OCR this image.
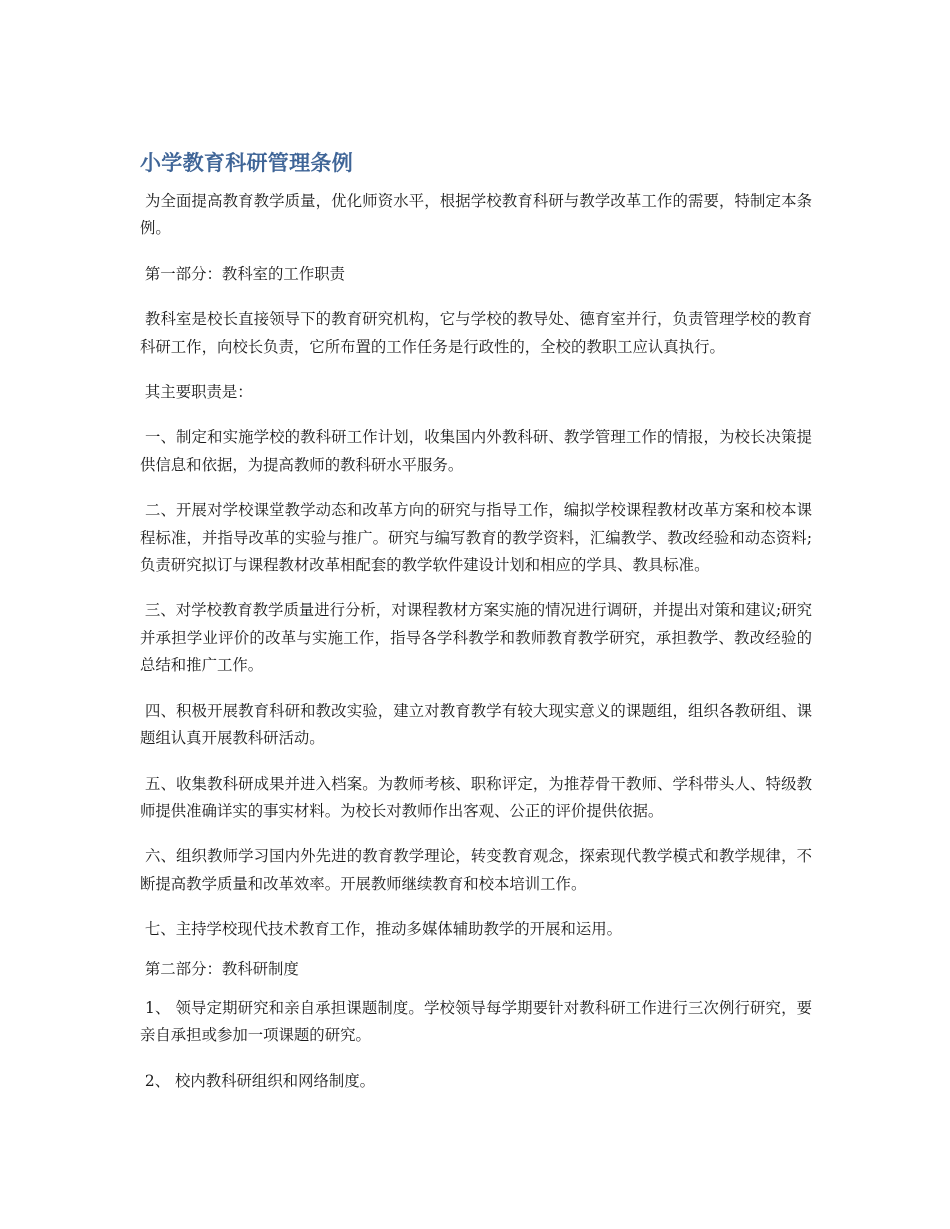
小学教育科研管理条例

为全面提高教育教学质量，优化师资水平，根据学校教育科研与教学改革工作的需要，特制定本条例。

第一部分：教科室的工作职责

教科室是校长直接领导下的教育研究机构，它与学校的教导处、德育室并行，负责管理学校的教育科研工作，向校长负责，它所布置的工作任务是行政性的，全校的教职工应认真执行。

其主要职责是：

一、制定和实施学校的教科研工作计划，收集国内外教科研、教学管理工作的情报，为校长决策提供信息和依据，为提高教师的教科研水平服务。

二、开展对学校课堂教学动态和改革方向的研究与指导工作，编拟学校课程教材改革方案和校本课程标准，并指导改革的实验与推广。研究与编写教育的教学资料，汇编教学、教改经验和动态资料;负责研究拟订与课程教材改革相配套的教学软件建设计划和相应的学具、教具标准。

三、对学校教育教学质量进行分析，对课程教材方案实施的情况进行调研，并提出对策和建议;研究并承担学业评价的改革与实施工作，指导各学科教学和教师教育教学研究，承担教学、教改经验的总结和推广工作。

四、积极开展教育科研和教改实验，建立对教育教学有较大现实意义的课题组，组织各教研组、课题组认真开展教科研活动。

五、收集教科研成果并进入档案。为教师考核、职称评定，为推荐骨干教师、学科带头人、特级教师提供准确详实的事实材料。为校长对教师作出客观、公正的评价提供依据。

六、组织教师学习国内外先进的教育教学理论，转变教育观念，探索现代教学模式和教学规律，不断提高教学质量和改革效率。开展教师继续教育和校本培训工作。

七、主持学校现代技术教育工作，推动多媒体辅助教学的开展和运用。

第二部分：教科研制度

1、 领导定期研究和亲自承担课题制度。学校领导每学期要针对教科研工作进行三次例行研究，要亲自承担或参加一项课题的研究。

2、 校内教科研组织和网络制度。
